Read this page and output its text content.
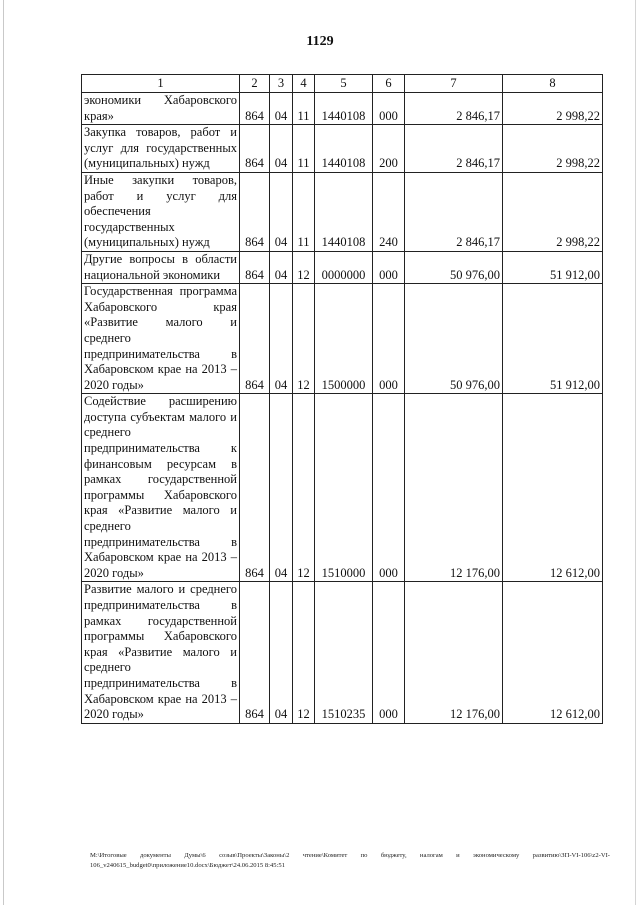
1129
1	2	3	4	5	6	7	8
экономики Хабаровского края»	864	04	11	1440108	000	2 846,17	2 998,22
Закупка товаров, работ и услуг для государственных (муниципальных) нужд	864	04	11	1440108	200	2 846,17	2 998,22
Иные закупки товаров, работ и услуг для обеспечения государственных (муниципальных) нужд	864	04	11	1440108	240	2 846,17	2 998,22
Другие вопросы в области национальной экономики	864	04	12	0000000	000	50 976,00	51 912,00
Государственная программа Хабаровского края «Развитие малого и среднего предпринимательства в Хабаровском крае на 2013 – 2020 годы»	864	04	12	1500000	000	50 976,00	51 912,00
Содействие расширению доступа субъектам малого и среднего предпринимательства к финансовым ресурсам в рамках государственной программы Хабаровского края «Развитие малого и среднего предпринимательства в Хабаровском крае на 2013 – 2020 годы»	864	04	12	1510000	000	12 176,00	12 612,00
Развитие малого и среднего предпринимательства в рамках государственной программы Хабаровского края «Развитие малого и среднего предпринимательства в Хабаровском крае на 2013 – 2020 годы»	864	04	12	1510235	000	12 176,00	12 612,00
М:\Итоговые документы Думы\6 созыв\Проекты\Законы\2 чтение\Комитет по бюджету, налогам и экономическому развитию\ЗП-VI-106\z2-VI-106_v240615_budget0\приложение10.docx\Бюджет\24.06.2015 8:45:51
